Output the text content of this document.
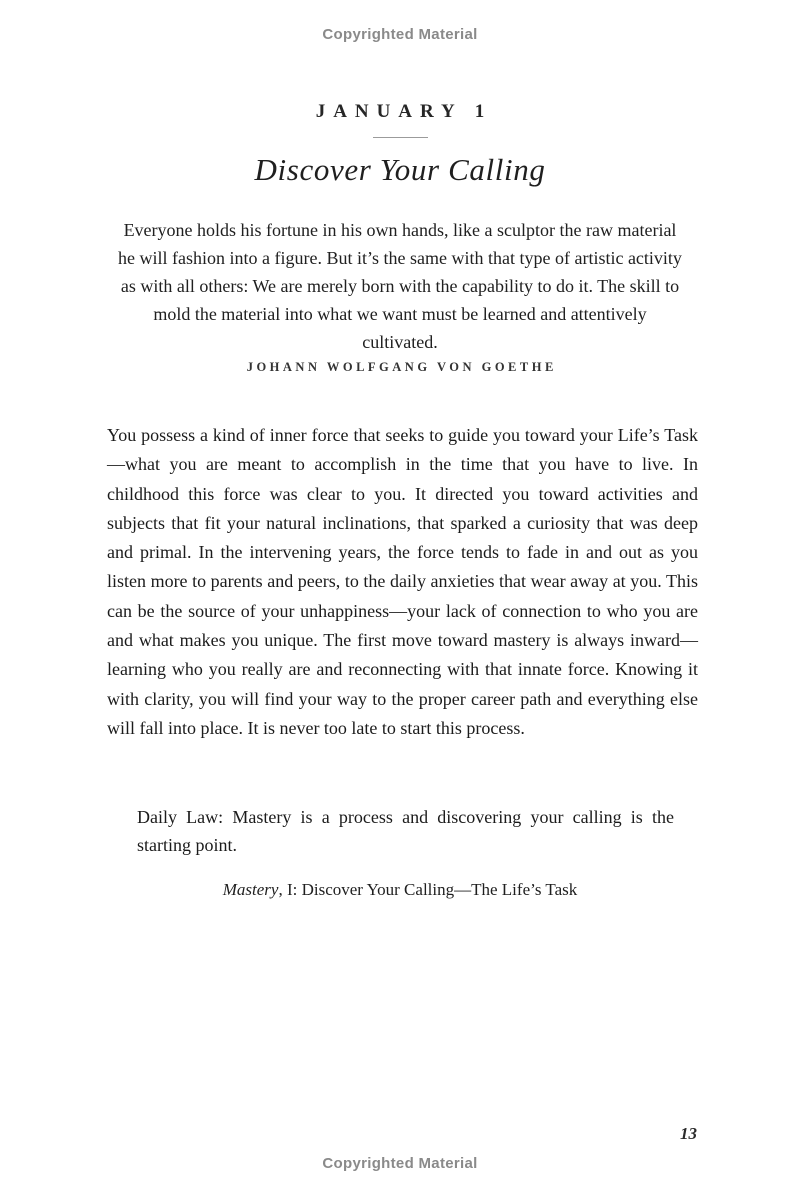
Copyrighted Material
JANUARY 1
Discover Your Calling
Everyone holds his fortune in his own hands, like a sculptor the raw material he will fashion into a figure. But it’s the same with that type of artistic activity as with all others: We are merely born with the capability to do it. The skill to mold the material into what we want must be learned and attentively cultivated.
JOHANN WOLFGANG VON GOETHE
You possess a kind of inner force that seeks to guide you toward your Life’s Task—what you are meant to accomplish in the time that you have to live. In childhood this force was clear to you. It directed you toward activities and subjects that fit your natural inclinations, that sparked a curiosity that was deep and primal. In the intervening years, the force tends to fade in and out as you listen more to parents and peers, to the daily anxieties that wear away at you. This can be the source of your unhappiness—your lack of connection to who you are and what makes you unique. The first move toward mastery is always inward—learning who you really are and reconnecting with that innate force. Knowing it with clarity, you will find your way to the proper career path and everything else will fall into place. It is never too late to start this process.
Daily Law: Mastery is a process and discovering your calling is the starting point.
Mastery, I: Discover Your Calling—The Life’s Task
13
Copyrighted Material
